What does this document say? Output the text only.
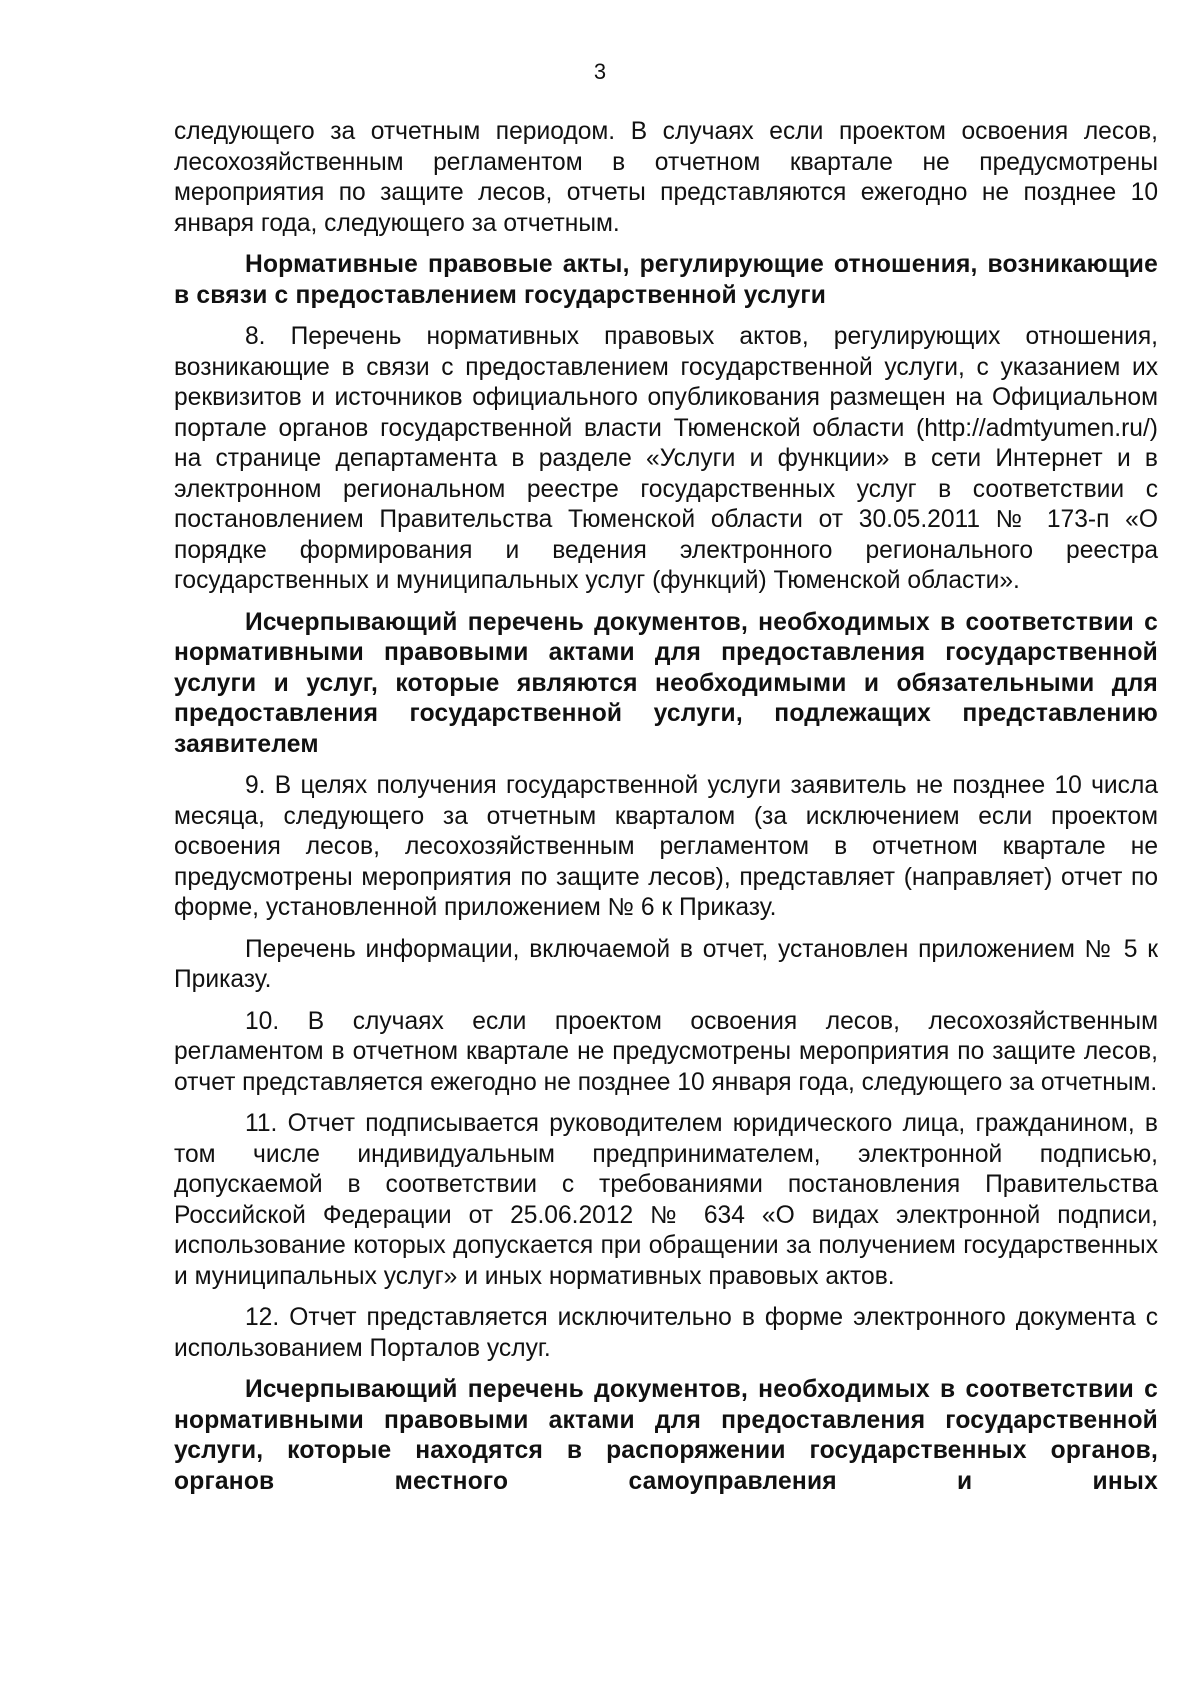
3

следующего за отчетным периодом. В случаях если проектом освоения лесов, лесохозяйственным регламентом в отчетном квартале не предусмотрены мероприятия по защите лесов, отчеты представляются ежегодно не позднее 10 января года, следующего за отчетным.

Нормативные правовые акты, регулирующие отношения, возникающие в связи с предоставлением государственной услуги

8. Перечень нормативных правовых актов, регулирующих отношения, возникающие в связи с предоставлением государственной услуги, с указанием их реквизитов и источников официального опубликования размещен на Официальном портале органов государственной власти Тюменской области (http://admtyumen.ru/) на странице департамента в разделе «Услуги и функции» в сети Интернет и в электронном региональном реестре государственных услуг в соответствии с постановлением Правительства Тюменской области от 30.05.2011 № 173-п «О порядке формирования и ведения электронного регионального реестра государственных и муниципальных услуг (функций) Тюменской области».

Исчерпывающий перечень документов, необходимых в соответствии с нормативными правовыми актами для предоставления государственной услуги и услуг, которые являются необходимыми и обязательными для предоставления государственной услуги, подлежащих представлению заявителем

9. В целях получения государственной услуги заявитель не позднее 10 числа месяца, следующего за отчетным кварталом (за исключением если проектом освоения лесов, лесохозяйственным регламентом в отчетном квартале не предусмотрены мероприятия по защите лесов), представляет (направляет) отчет по форме, установленной приложением № 6 к Приказу.

Перечень информации, включаемой в отчет, установлен приложением № 5 к Приказу.

10. В случаях если проектом освоения лесов, лесохозяйственным регламентом в отчетном квартале не предусмотрены мероприятия по защите лесов, отчет представляется ежегодно не позднее 10 января года, следующего за отчетным.

11. Отчет подписывается руководителем юридического лица, гражданином, в том числе индивидуальным предпринимателем, электронной подписью, допускаемой в соответствии с требованиями постановления Правительства Российской Федерации от 25.06.2012 № 634 «О видах электронной подписи, использование которых допускается при обращении за получением государственных и муниципальных услуг» и иных нормативных правовых актов.

12. Отчет представляется исключительно в форме электронного документа с использованием Порталов услуг.

Исчерпывающий перечень документов, необходимых в соответствии с нормативными правовыми актами для предоставления государственной услуги, которые находятся в распоряжении государственных органов, органов местного самоуправления и иных
